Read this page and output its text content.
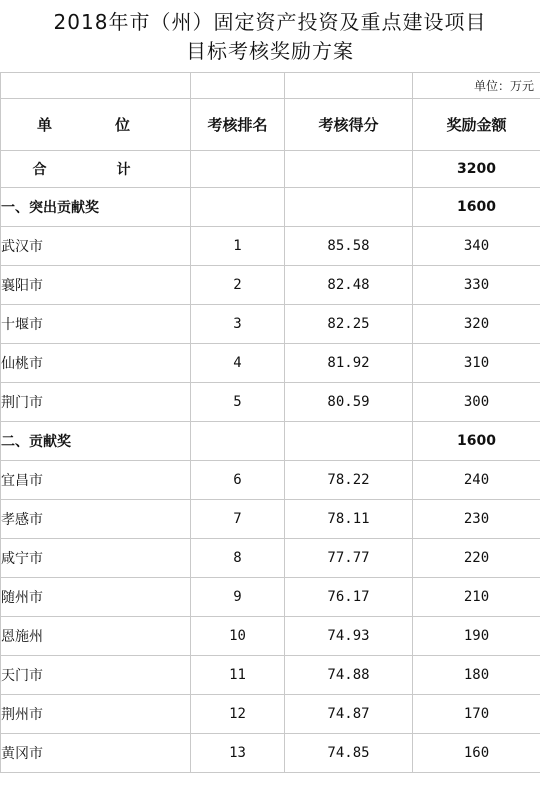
2018年市（州）固定资产投资及重点建设项目
目标考核奖励方案
			单位：万元
单　位	考核排名	考核得分	奖励金额
合　计			3200
一、突出贡献奖			1600
武汉市	1	85.58	340
襄阳市	2	82.48	330
十堰市	3	82.25	320
仙桃市	4	81.92	310
荆门市	5	80.59	300
二、贡献奖			1600
宜昌市	6	78.22	240
孝感市	7	78.11	230
咸宁市	8	77.77	220
随州市	9	76.17	210
恩施州	10	74.93	190
天门市	11	74.88	180
荆州市	12	74.87	170
黄冈市	13	74.85	160
